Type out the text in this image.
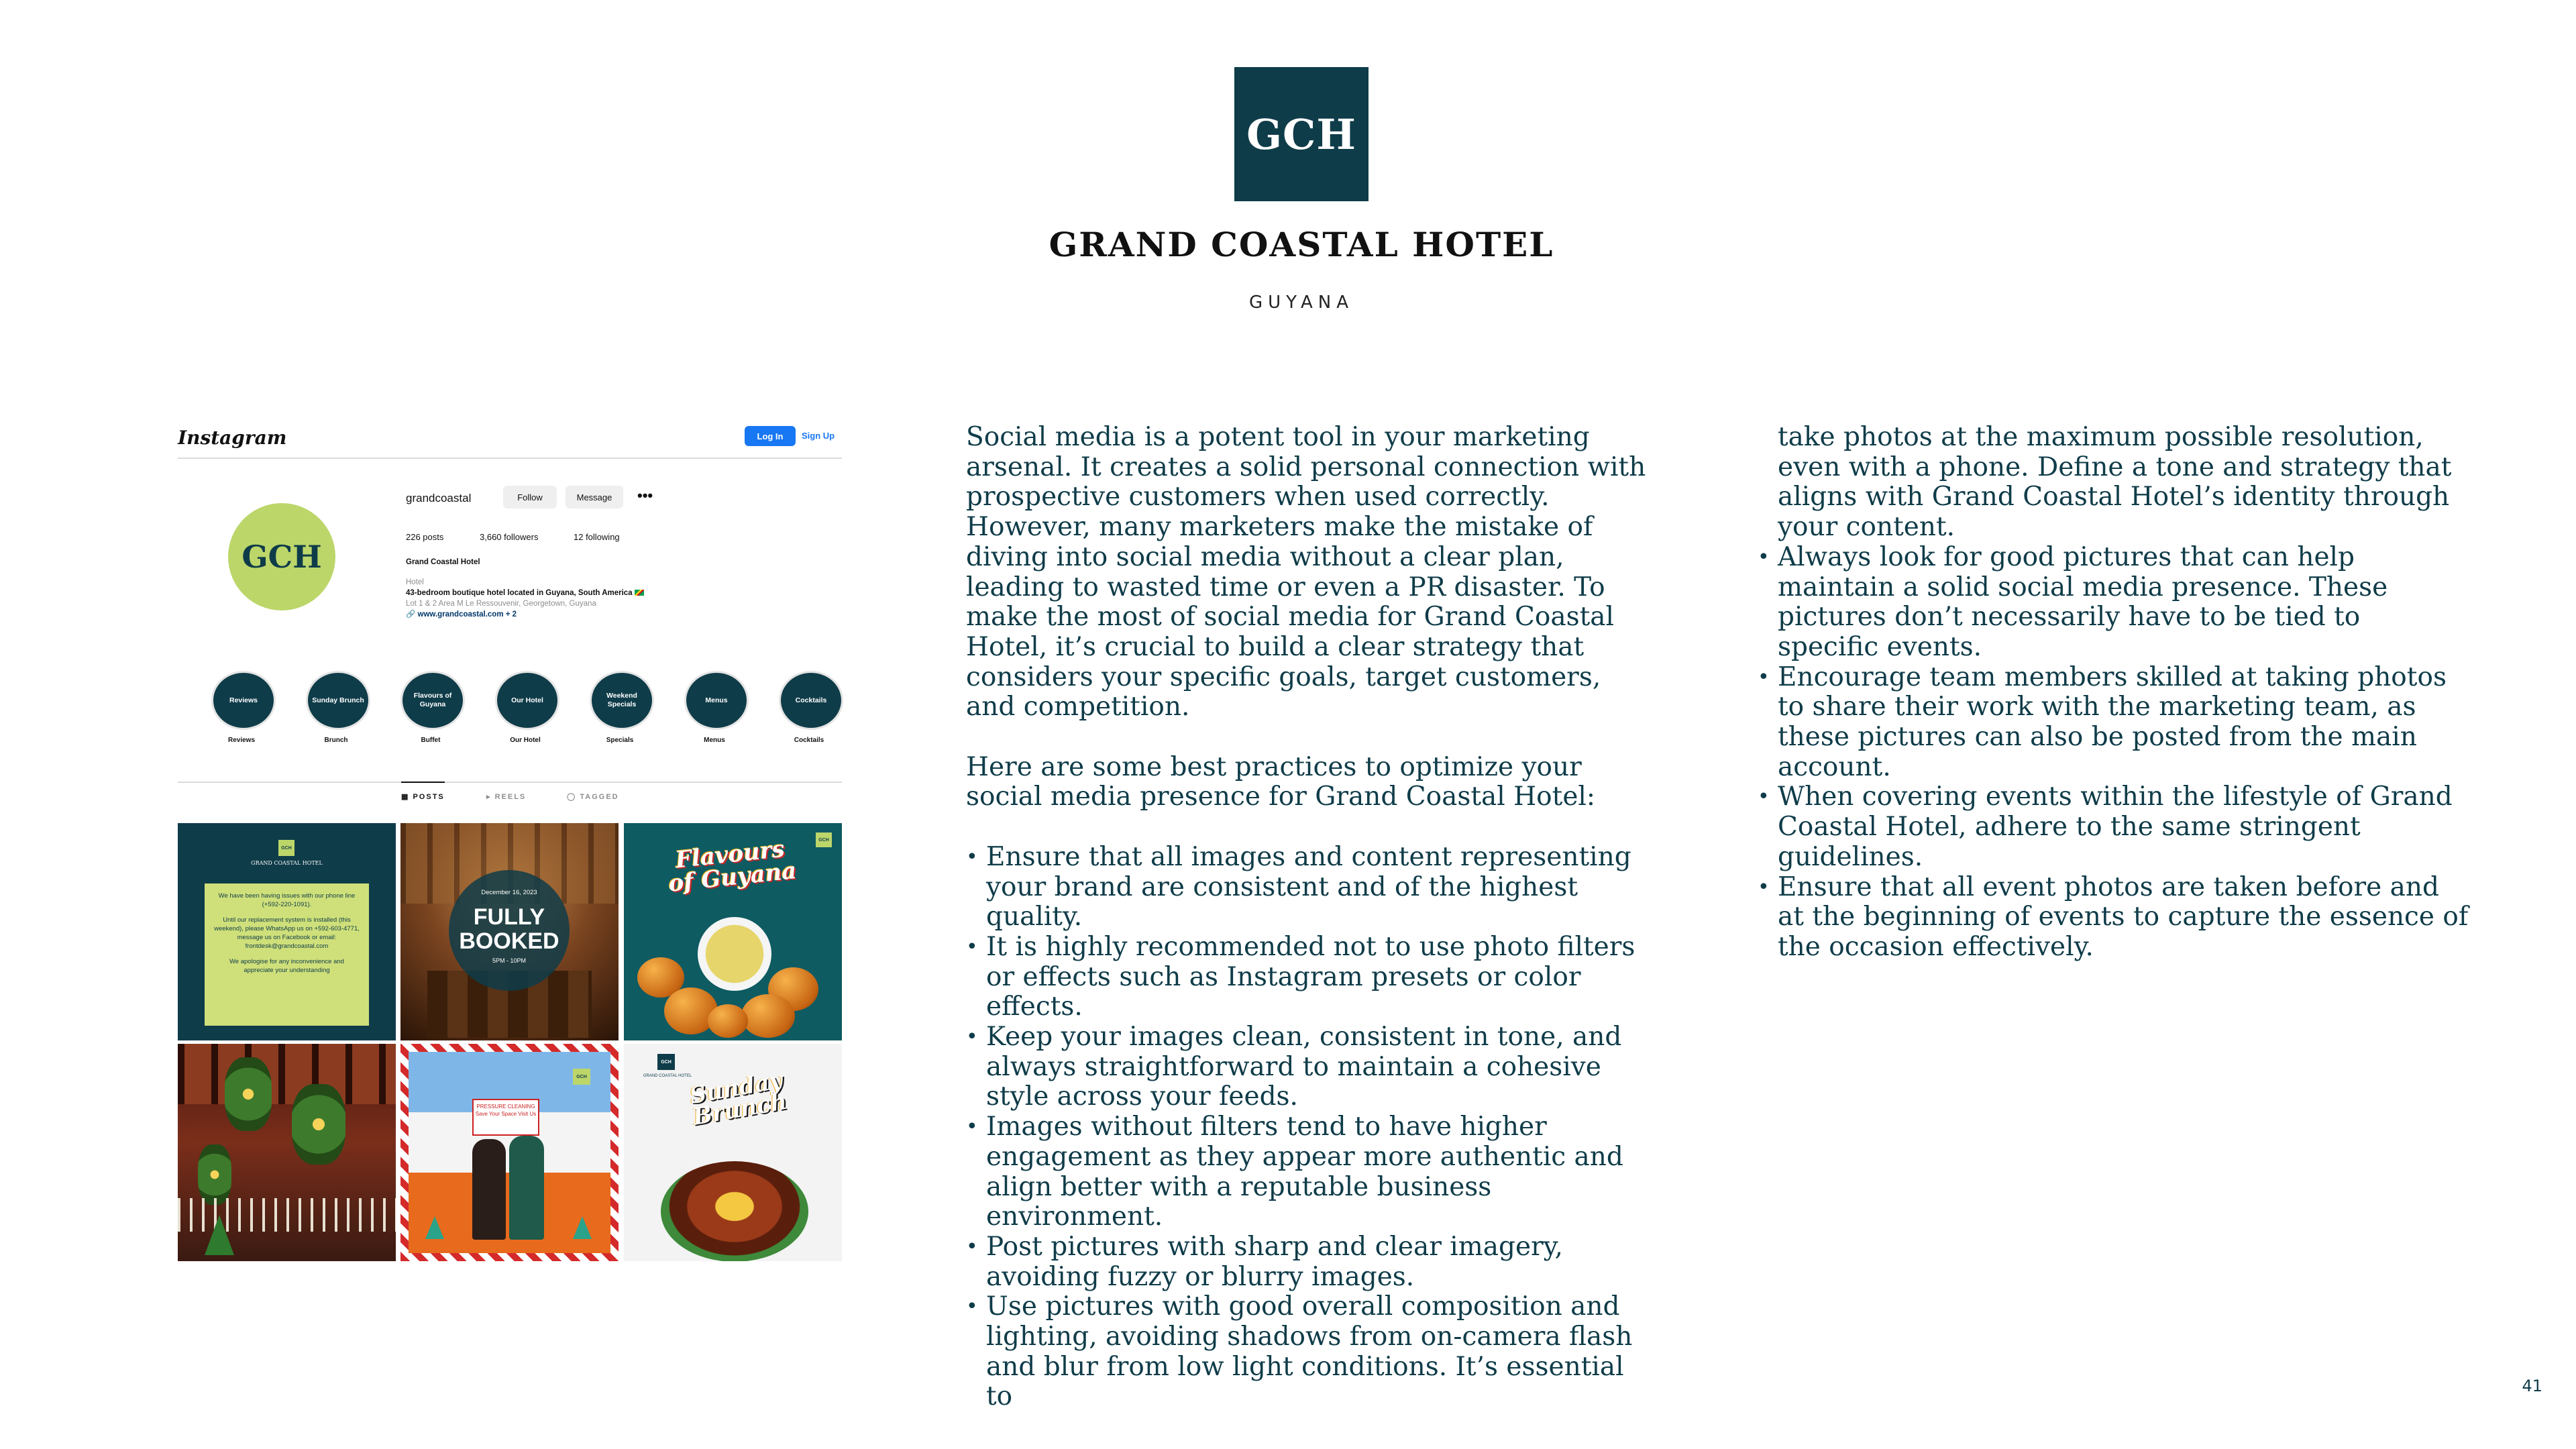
GCH
GRAND COASTAL HOTEL
GUYANA
Instagram	Log In	Sign Up
GCH
grandcoastal	Follow	Message	•••
226 posts	3,660 followers	12 following
Grand Coastal Hotel
Hotel
43-bedroom boutique hotel located in Guyana, South America
Lot 1 & 2 Area M Le Ressouvenir, Georgetown, Guyana
🔗 www.grandcoastal.com + 2
Reviews
Reviews
Sunday Brunch
Brunch
Flavours of Guyana
Buffet
Our Hotel
Our Hotel
Weekend Specials
Specials
Menus
Menus
Cocktails
Cocktails
▦ POSTS	▸ REELS	◯ TAGGED
GCH
GRAND COASTAL HOTEL

We have been having issues with our phone line (+592-220-1091).

Until our replacement system is installed (this weekend), please WhatsApp us on +592-603-4771, message us on Facebook or email: frontdesk@grandcoastal.com

We apologise for any inconvenience and appreciate your understanding

December 16, 2023
FULLY BOOKED
5PM - 10PM
GCH
Flavours of Guyana
PRESSURE CLEANING Save Your Space Visit Us
GCH
GCH
GRAND COASTAL HOTEL
Sunday Brunch

Social media is a potent tool in your marketing arsenal. It creates a solid personal connection with prospective customers when used correctly. However, many marketers make the mistake of diving into social media without a clear plan, leading to wasted time or even a PR disaster. To make the most of social media for Grand Coastal Hotel, it’s crucial to build a clear strategy that considers your specific goals, target customers, and competition.

Here are some best practices to optimize your social media presence for Grand Coastal Hotel:

• Ensure that all images and content representing your brand are consistent and of the highest quality.
• It is highly recommended not to use photo filters or effects such as Instagram presets or color effects.
• Keep your images clean, consistent in tone, and always straightforward to maintain a cohesive style across your feeds.
• Images without filters tend to have higher engagement as they appear more authentic and align better with a reputable business environment.
• Post pictures with sharp and clear imagery, avoiding fuzzy or blurry images.
• Use pictures with good overall composition and lighting, avoiding shadows from on-camera flash and blur from low light conditions. It’s essential to

take photos at the maximum possible resolution, even with a phone. Define a tone and strategy that aligns with Grand Coastal Hotel’s identity through your content.

• Always look for good pictures that can help maintain a solid social media presence. These pictures don’t necessarily have to be tied to specific events.
• Encourage team members skilled at taking photos to share their work with the marketing team, as these pictures can also be posted from the main account.
• When covering events within the lifestyle of Grand Coastal Hotel, adhere to the same stringent guidelines.
• Ensure that all event photos are taken before and at the beginning of events to capture the essence of the occasion effectively.
41
